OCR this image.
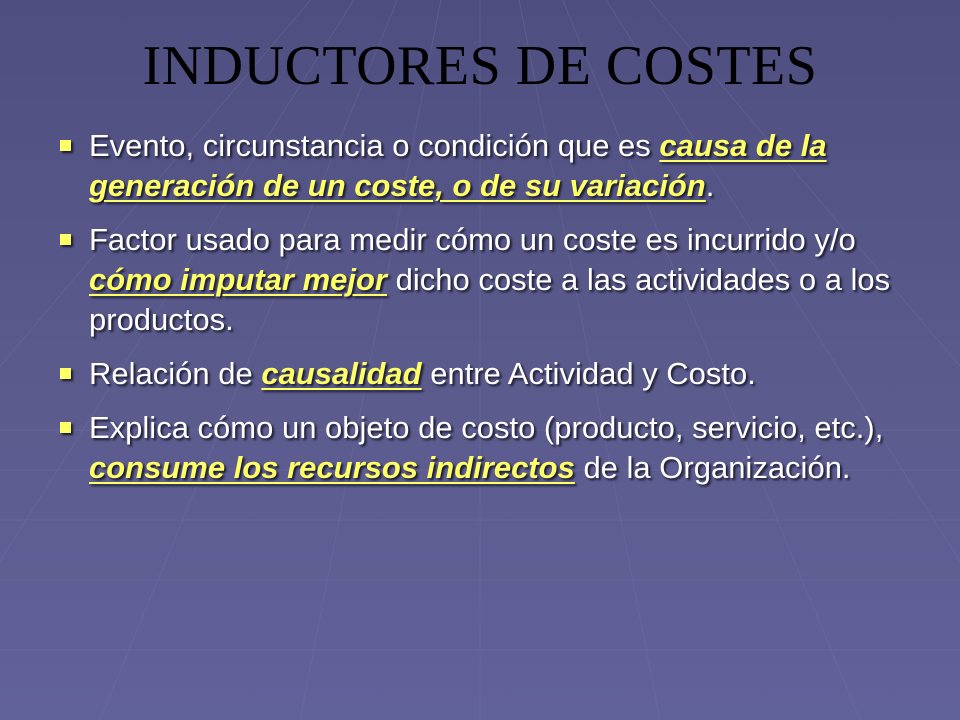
INDUCTORES DE COSTES
Evento, circunstancia o condición que es causa de la generación de un coste, o de su variación.
Factor usado para medir cómo un coste es incurrido y/o cómo imputar mejor dicho coste a las actividades o a los productos.
Relación de causalidad entre Actividad y Costo.
Explica cómo un objeto de costo (producto, servicio, etc.), consume los recursos indirectos de la Organización.
